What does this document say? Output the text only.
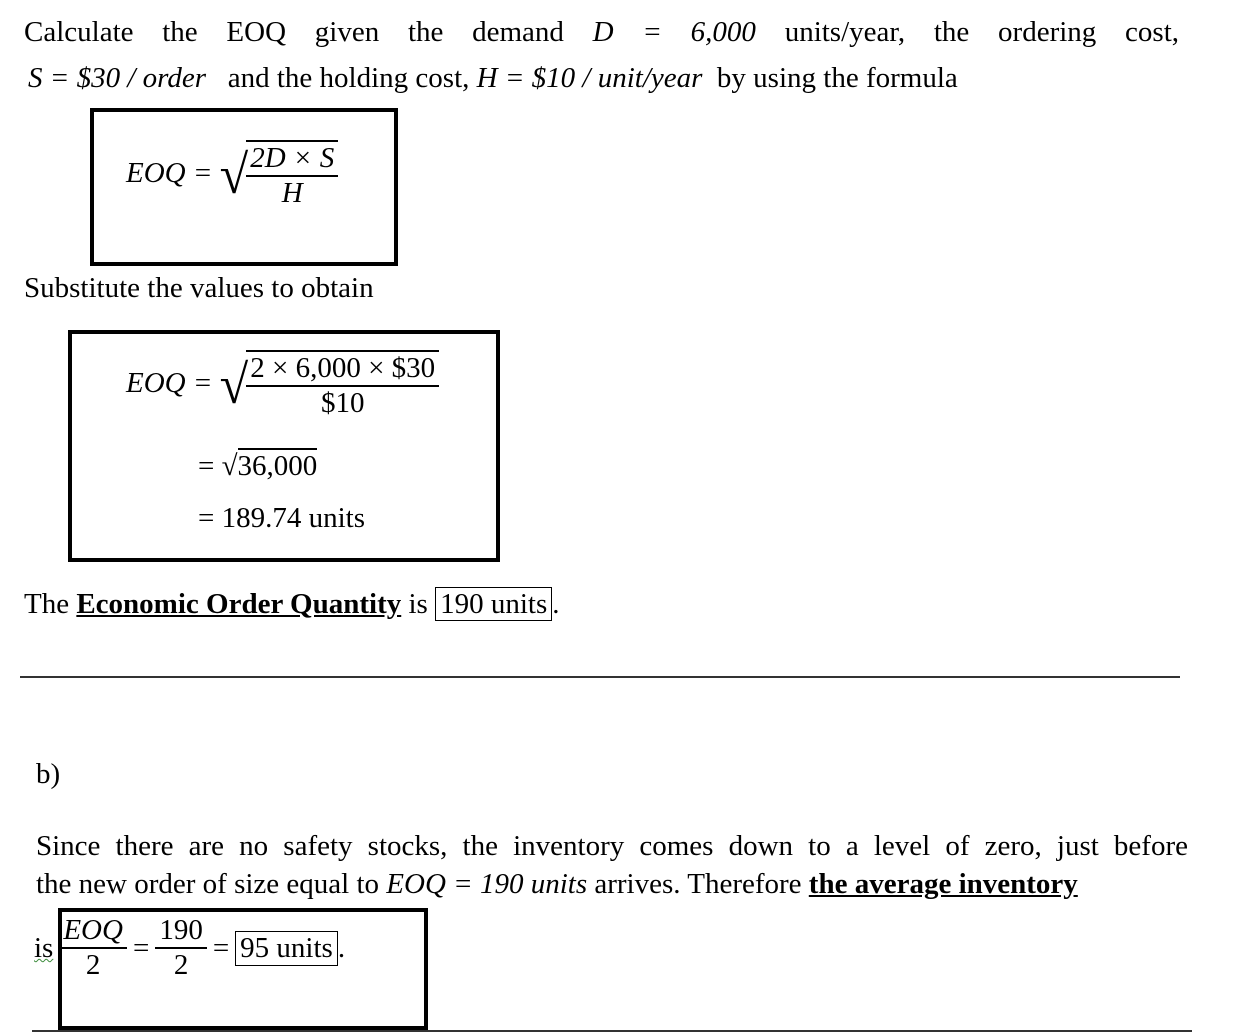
Calculate the EOQ given the demand D = 6,000 units/year, the ordering cost,
S = $30 / order and the holding cost, H = $10 / unit/year by using the formula
EOQ = √
$\frac{2D \times S}{H}$
Substitute the values to obtain
EOQ = √
$\frac{2 \times 6,000 \times \$30}{\$10}$
= √36,000
= 189.74 units
The Economic Order Quantity is 190 units .
b)
Since there are no safety stocks, the inventory comes down to a level of zero, just before
the new order of size equal to EOQ = 190 units arrives. Therefore the average inventory
is $\frac{\text{EOQ}}{2} = \frac{190}{2} = 95$ units .
